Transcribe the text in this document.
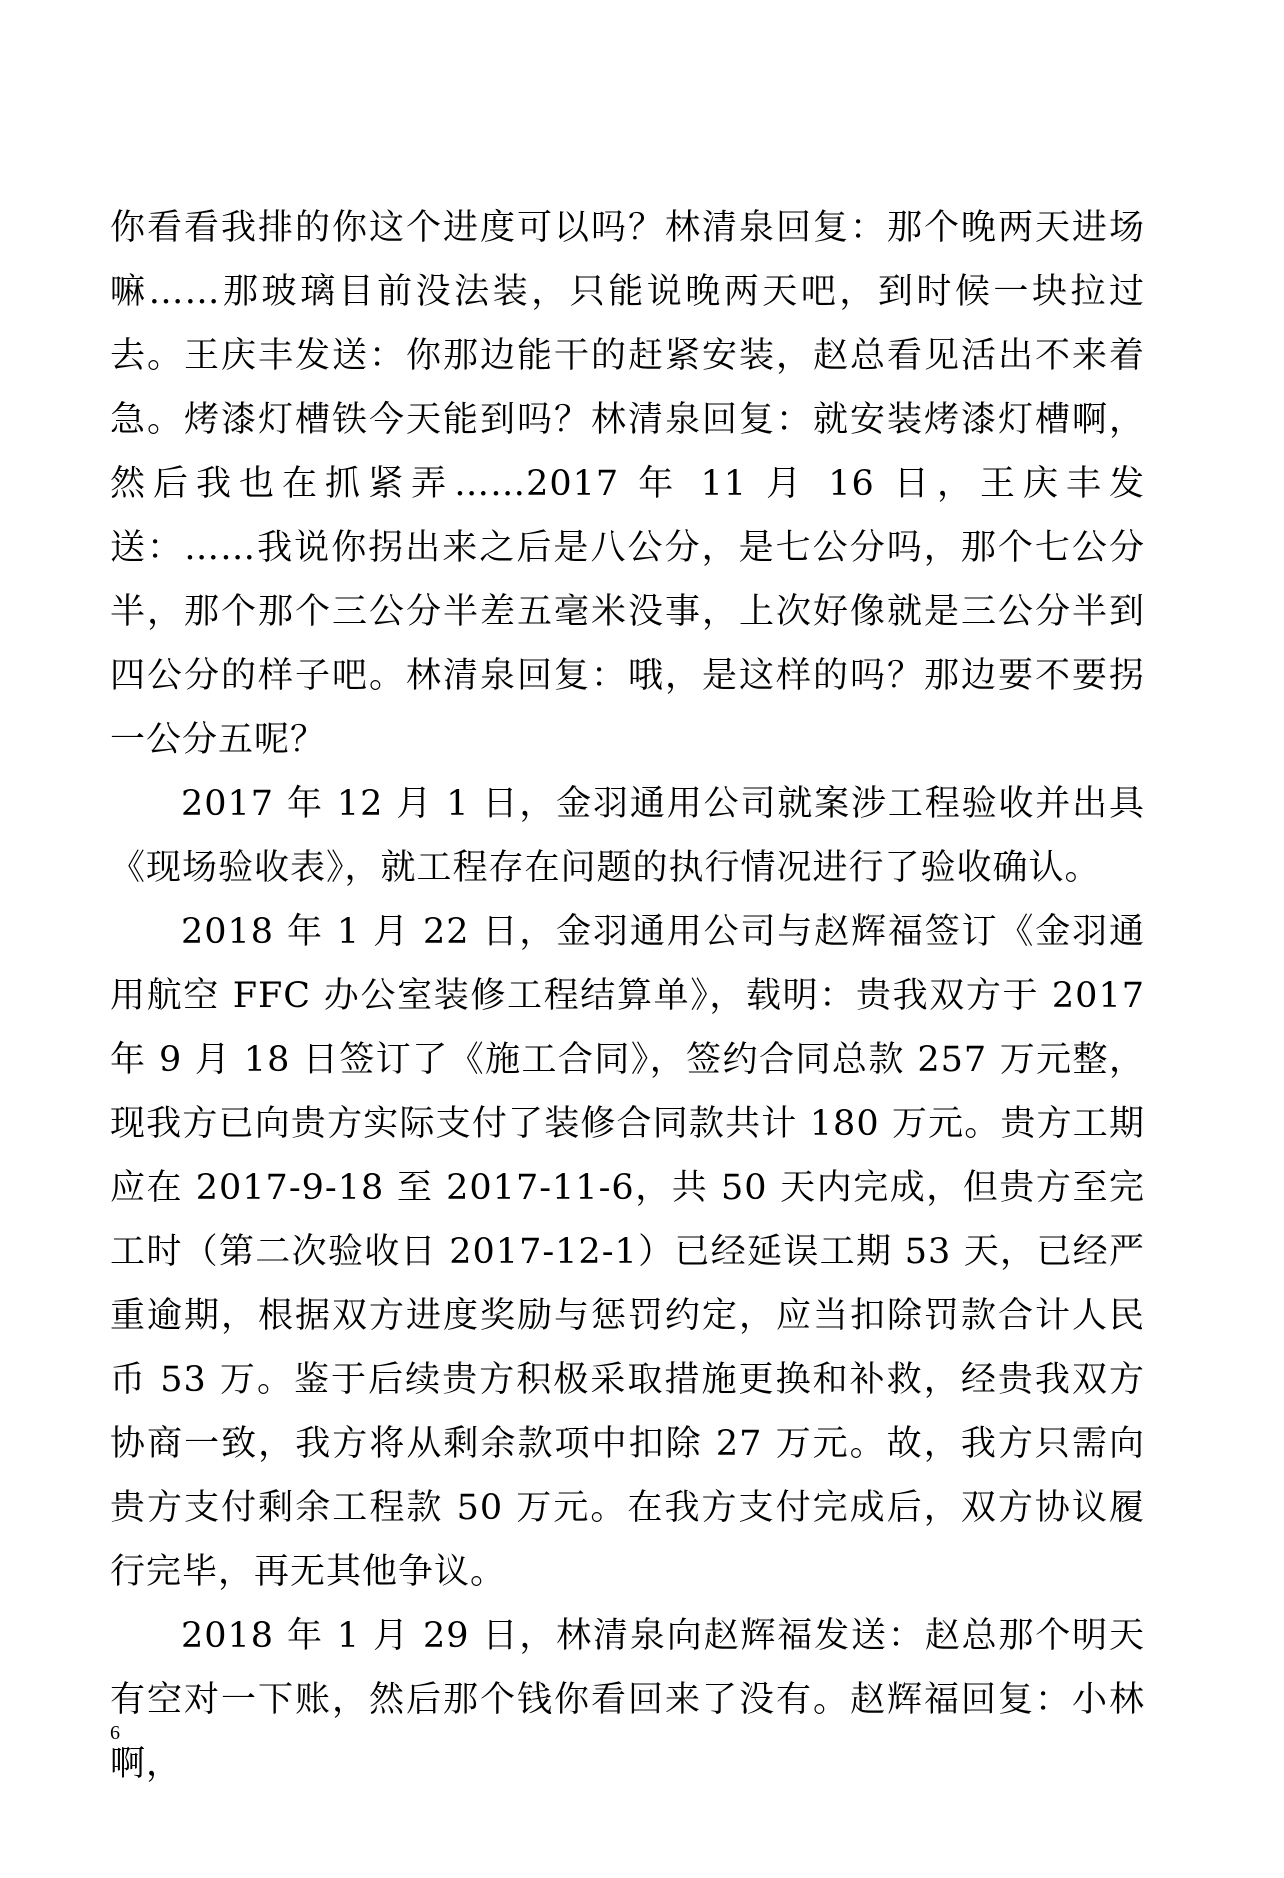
你看看我排的你这个进度可以吗？林清泉回复：那个晚两天进场嘛……那玻璃目前没法装，只能说晚两天吧，到时候一块拉过去。王庆丰发送：你那边能干的赶紧安装，赵总看见活出不来着急。烤漆灯槽铁今天能到吗？林清泉回复：就安装烤漆灯槽啊，然后我也在抓紧弄……2017 年 11 月 16 日，王庆丰发送：……我说你拐出来之后是八公分，是七公分吗，那个七公分半，那个那个三公分半差五毫米没事，上次好像就是三公分半到四公分的样子吧。林清泉回复：哦，是这样的吗？那边要不要拐一公分五呢？

2017 年 12 月 1 日，金羽通用公司就案涉工程验收并出具《现场验收表》，就工程存在问题的执行情况进行了验收确认。

2018 年 1 月 22 日，金羽通用公司与赵辉福签订《金羽通用航空 FFC 办公室装修工程结算单》，载明：贵我双方于 2017 年 9 月 18 日签订了《施工合同》，签约合同总款 257 万元整，现我方已向贵方实际支付了装修合同款共计 180 万元。贵方工期应在 2017-9-18 至 2017-11-6，共 50 天内完成，但贵方至完工时（第二次验收日 2017-12-1）已经延误工期 53 天，已经严重逾期，根据双方进度奖励与惩罚约定，应当扣除罚款合计人民币 53 万。鉴于后续贵方积极采取措施更换和补救，经贵我双方协商一致，我方将从剩余款项中扣除 27 万元。故，我方只需向贵方支付剩余工程款 50 万元。在我方支付完成后，双方协议履行完毕，再无其他争议。

2018 年 1 月 29 日，林清泉向赵辉福发送：赵总那个明天有空对一下账，然后那个钱你看回来了没有。赵辉福回复：小林啊，

6
